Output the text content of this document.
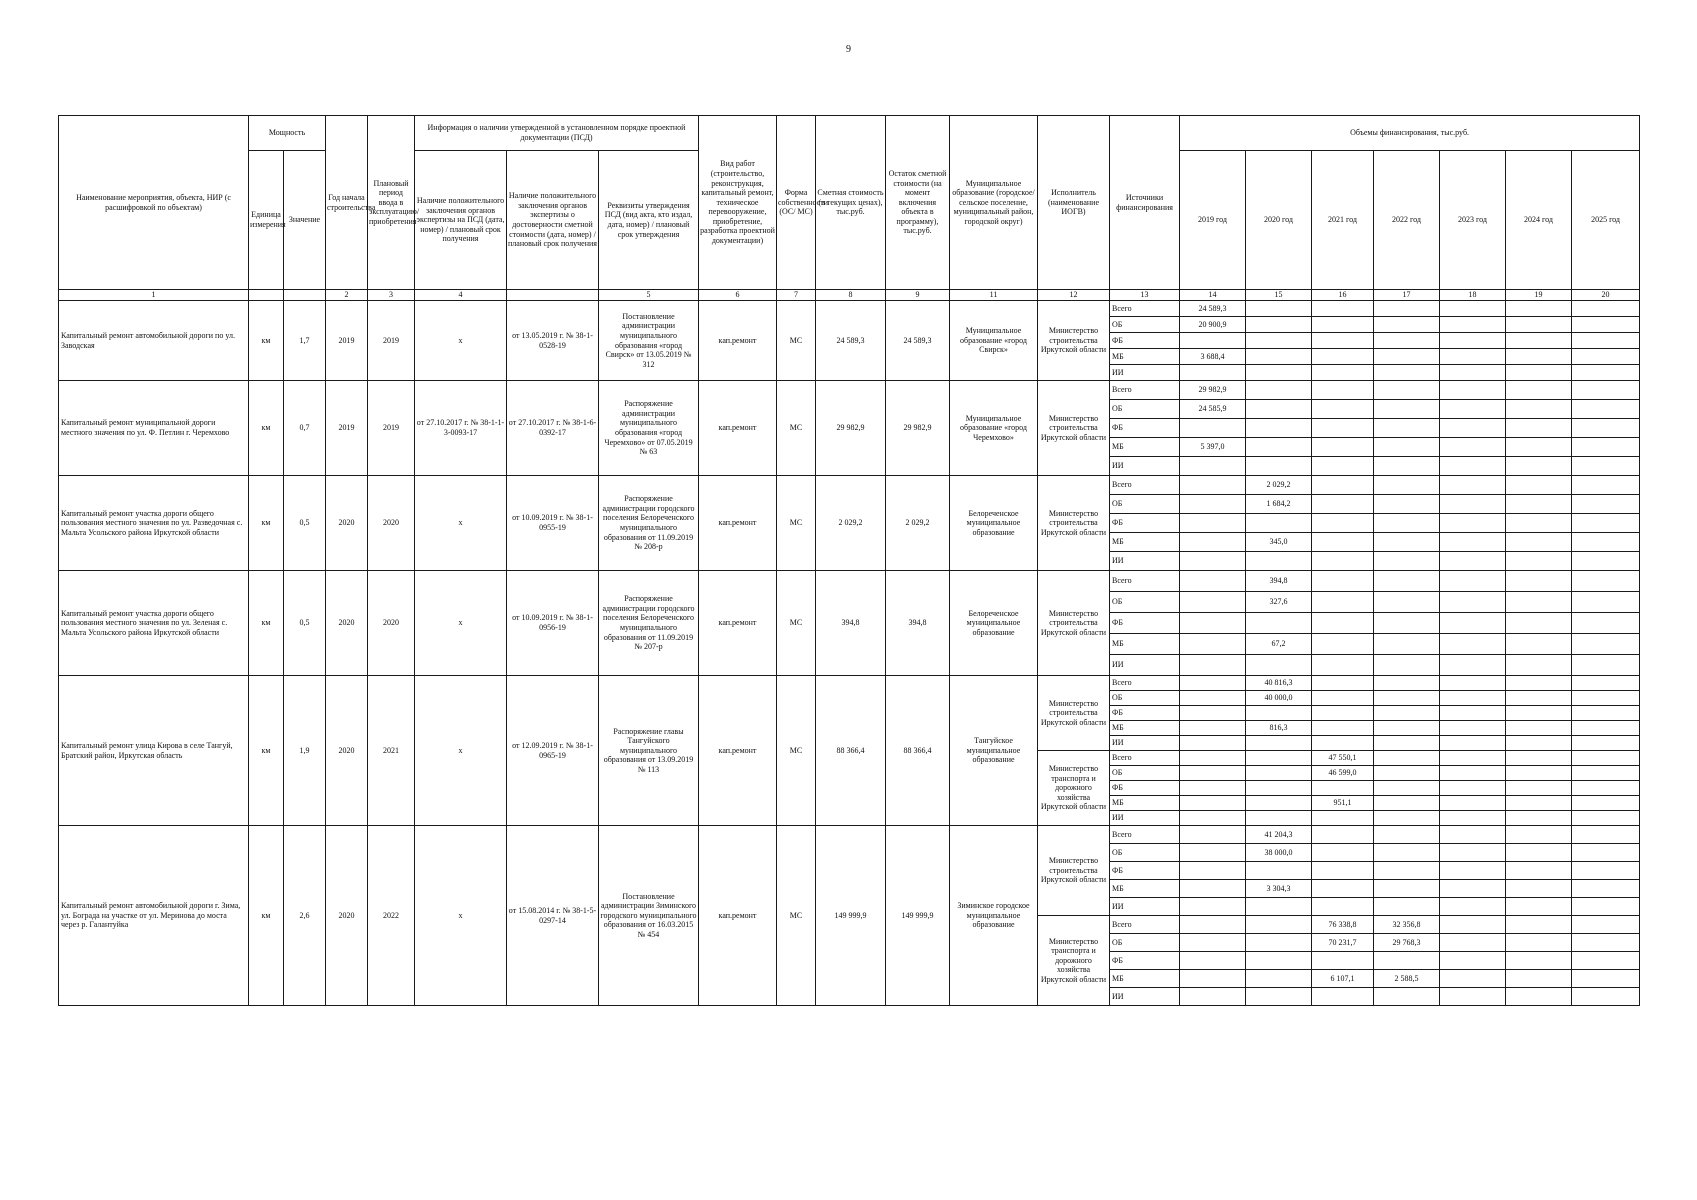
9
Наименование мероприятия, объекта, НИР (с расшифровкой по объектам)	Мощность		Год начала строительства	Плановый период ввода в эксплуатацию/приобретения	Информация о наличии утвержденной в установленном порядке проектной документации (ПСД)			Вид работ (строительство, реконструкция, капитальный ремонт, техническое перевооружение, приобретение, разработка проектной документации)	Форма собственности (ОС/ МС)	Сметная стоимость (в текущих ценах), тыс.руб.	Остаток сметной стоимости (на момент включения объекта в программу), тыс.руб.	Муниципальное образование (городское/сельское поселение, муниципальный район, городской округ)	Исполнитель (наименование ИОГВ)	Источники финансирования	Объемы финансирования, тыс.руб.						
	Единица измерения	Значение			Наличие положительного заключения органов экспертизы на ПСД (дата, номер) / плановый срок получения	Наличие положительного заключения органов экспертизы о достоверности сметной стоимости (дата, номер) / плановый срок получения	Реквизиты утверждения ПСД (вид акта, кто издал, дата, номер) / плановый срок утверждения								2019 год	2020 год	2021 год	2022 год	2023 год	2024 год	2025 год
1			2	3	4		5	6	7	8	9	11	12	13	14	15	16	17	18	19	20
Капитальный ремонт автомобильной дороги по ул. Заводская	км	1,7	2019	2019	х	от 13.05.2019 г. № 38-1-0528-19	Постановление администрации муниципального образования «город Свирск» от 13.05.2019 № 312	кап.ремонт	МС	24 589,3	24 589,3	Муниципальное образование «город Свирск»	Министерство строительства Иркутской области	Всего	24 589,3						
														ОБ	20 900,9						
														ФБ							
														МБ	3 688,4						
														ИИ							
Капитальный ремонт муниципальной дороги местного значения по ул. Ф. Петлин г. Черемхово	км	0,7	2019	2019	от 27.10.2017 г. № 38-1-1-3-0093-17	от 27.10.2017 г. № 38-1-6-0392-17	Распоряжение администрации муниципального образования «город Черемхово» от 07.05.2019 № 63	кап.ремонт	МС	29 982,9	29 982,9	Муниципальное образование «город Черемхово»	Министерство строительства Иркутской области	Всего	29 982,9						
														ОБ	24 585,9						
														ФБ							
														МБ	5 397,0						
														ИИ							
Капитальный ремонт участка дороги общего пользования местного значения по ул. Разведочная с. Мальта Усольского района Иркутской области	км	0,5	2020	2020	х	от 10.09.2019 г. № 38-1-0955-19	Распоряжение администрации городского поселения Белореченского муниципального образования от 11.09.2019 № 208-р	кап.ремонт	МС	2 029,2	2 029,2	Белореченское муниципальное образование	Министерство строительства Иркутской области	Всего		2 029,2					
														ОБ		1 684,2					
														ФБ							
														МБ		345,0					
														ИИ							
Капитальный ремонт участка дороги общего пользования местного значения по ул. Зеленая с. Мальта Усольского района Иркутской области	км	0,5	2020	2020	х	от 10.09.2019 г. № 38-1-0956-19	Распоряжение администрации городского поселения Белореченского муниципального образования от 11.09.2019 № 207-р	кап.ремонт	МС	394,8	394,8	Белореченское муниципальное образование	Министерство строительства Иркутской области	Всего		394,8					
														ОБ		327,6					
														ФБ							
														МБ		67,2					
														ИИ							
Капитальный ремонт улица Кирова в селе Тангуй, Братский район, Иркутская область	км	1,9	2020	2021	х	от 12.09.2019 г. № 38-1-0965-19	Распоряжение главы Тангуйского муниципального образования от 13.09.2019 № 113	кап.ремонт	МС	88 366,4	88 366,4	Тангуйское муниципальное образование	Министерство строительства Иркутской области	Всего		40 816,3					
														ОБ		40 000,0					
														ФБ							
														МБ		816,3					
														ИИ							
													Министерство транспорта и дорожного хозяйства Иркутской области	Всего			47 550,1				
														ОБ			46 599,0				
														ФБ							
														МБ			951,1				
														ИИ							
Капитальный ремонт автомобильной дороги г. Зима, ул. Бограда на участке от ул. Меринова до моста через р. Галантуйка	км	2,6	2020	2022	х	от 15.08.2014 г. № 38-1-5-0297-14	Постановление администрации Зиминского городского муниципального образования от 16.03.2015 № 454	кап.ремонт	МС	149 999,9	149 999,9	Зиминское городское муниципальное образование	Министерство строительства Иркутской области	Всего		41 204,3					
														ОБ		38 000,0					
														ФБ							
														МБ		3 304,3					
														ИИ							
													Министерство транспорта и дорожного хозяйства Иркутской области	Всего			76 338,8	32 356,8			
														ОБ			70 231,7	29 768,3			
														ФБ							
														МБ			6 107,1	2 588,5			
														ИИ							
